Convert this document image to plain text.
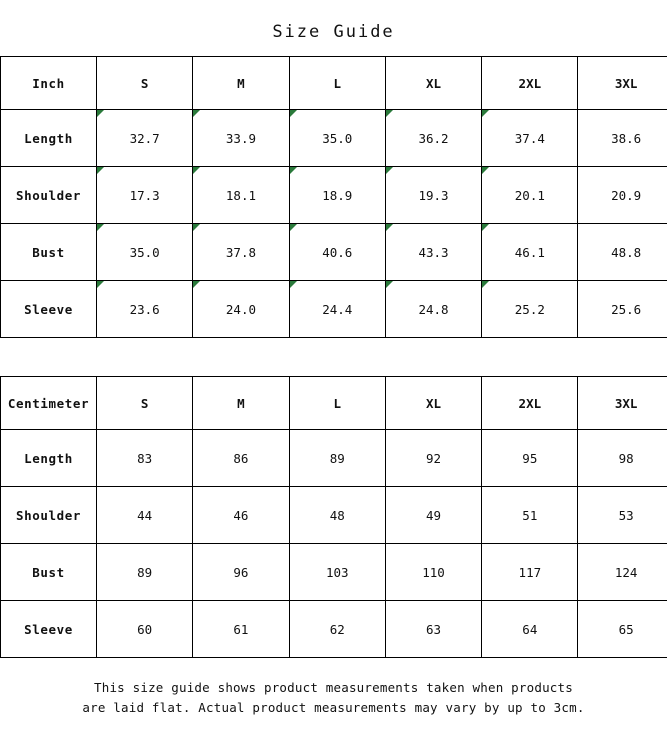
Size Guide
Inch	S	M	L	XL	2XL	3XL
Length	32.7	33.9	35.0	36.2	37.4	38.6
Shoulder	17.3	18.1	18.9	19.3	20.1	20.9
Bust	35.0	37.8	40.6	43.3	46.1	48.8
Sleeve	23.6	24.0	24.4	24.8	25.2	25.6
Centimeter	S	M	L	XL	2XL	3XL
Length	83	86	89	92	95	98
Shoulder	44	46	48	49	51	53
Bust	89	96	103	110	117	124
Sleeve	60	61	62	63	64	65
This size guide shows product measurements taken when products
are laid flat. Actual product measurements may vary by up to 3cm.
